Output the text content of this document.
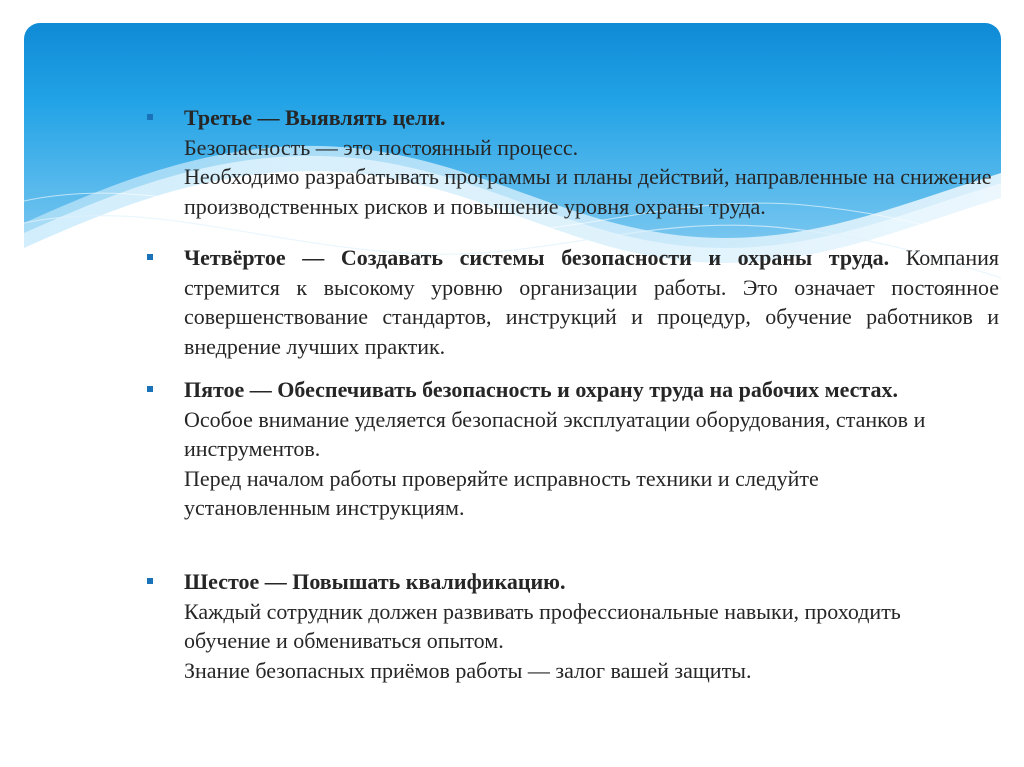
Третье — Выявлять цели.
Безопасность — это постоянный процесс.
Необходимо разрабатывать программы и планы действий, направленные на снижение производственных рисков и повышение уровня охраны труда.
Четвёртое — Создавать системы безопасности и охраны труда. Компания стремится к высокому уровню организации работы. Это означает постоянное совершенствование стандартов, инструкций и процедур, обучение работников и внедрение лучших практик.
Пятое — Обеспечивать безопасность и охрану труда на рабочих местах.
Особое внимание уделяется безопасной эксплуатации оборудования, станков и инструментов.
Перед началом работы проверяйте исправность техники и следуйте установленным инструкциям.
Шестое — Повышать квалификацию.
Каждый сотрудник должен развивать профессиональные навыки, проходить обучение и обмениваться опытом.
Знание безопасных приёмов работы — залог вашей защиты.
